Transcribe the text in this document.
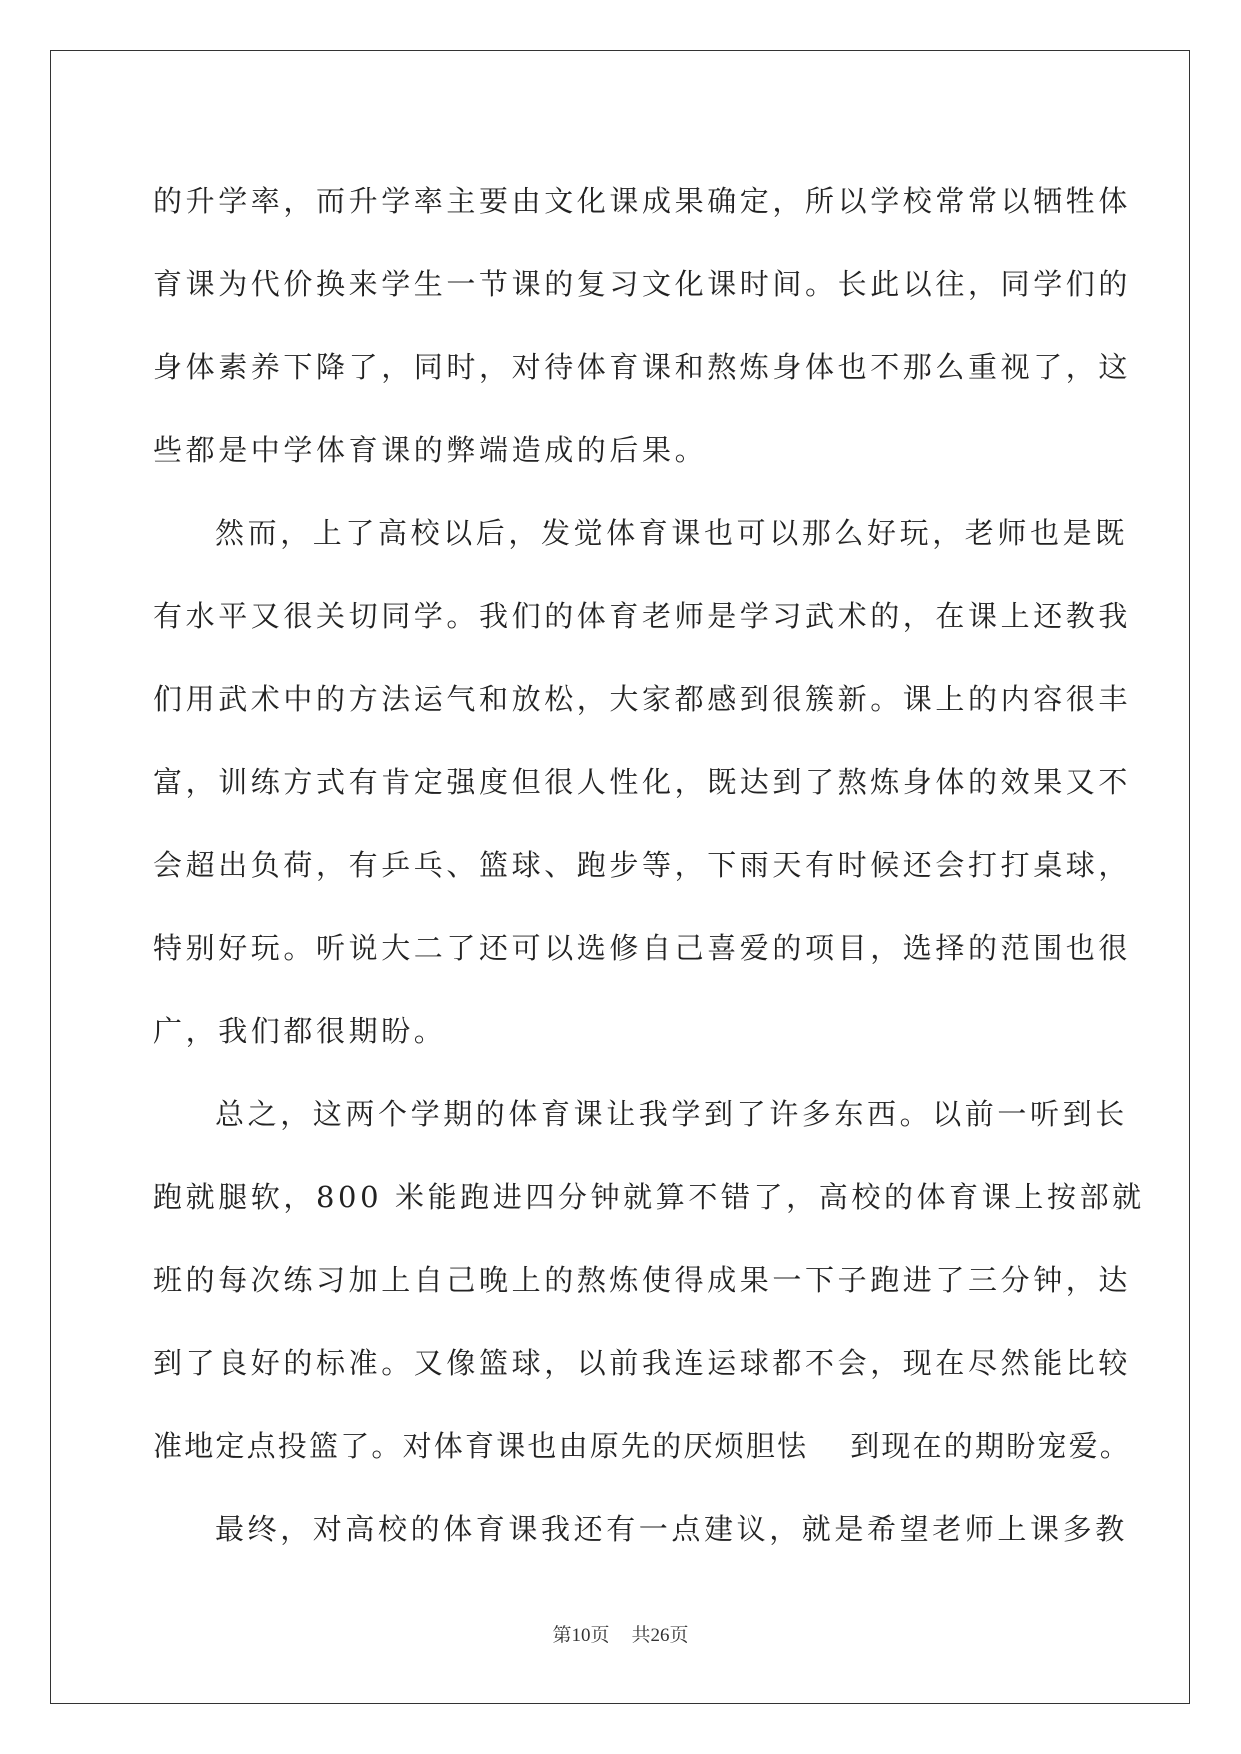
的升学率，而升学率主要由文化课成果确定，所以学校常常以牺牲体
育课为代价换来学生一节课的复习文化课时间。长此以往，同学们的
身体素养下降了，同时，对待体育课和熬炼身体也不那么重视了，这
些都是中学体育课的弊端造成的后果。
然而，上了高校以后，发觉体育课也可以那么好玩，老师也是既
有水平又很关切同学。我们的体育老师是学习武术的，在课上还教我
们用武术中的方法运气和放松，大家都感到很簇新。课上的内容很丰
富，训练方式有肯定强度但很人性化，既达到了熬炼身体的效果又不
会超出负荷，有乒乓、篮球、跑步等，下雨天有时候还会打打桌球，
特别好玩。听说大二了还可以选修自己喜爱的项目，选择的范围也很
广，我们都很期盼。
总之，这两个学期的体育课让我学到了许多东西。以前一听到长
跑就腿软，800 米能跑进四分钟就算不错了，高校的体育课上按部就
班的每次练习加上自己晚上的熬炼使得成果一下子跑进了三分钟，达
到了良好的标准。又像篮球，以前我连运球都不会，现在尽然能比较
准地定点投篮了。对体育课也由原先的厌烦胆怯 到现在的期盼宠爱。
最终，对高校的体育课我还有一点建议，就是希望老师上课多教
第10页 共26页
